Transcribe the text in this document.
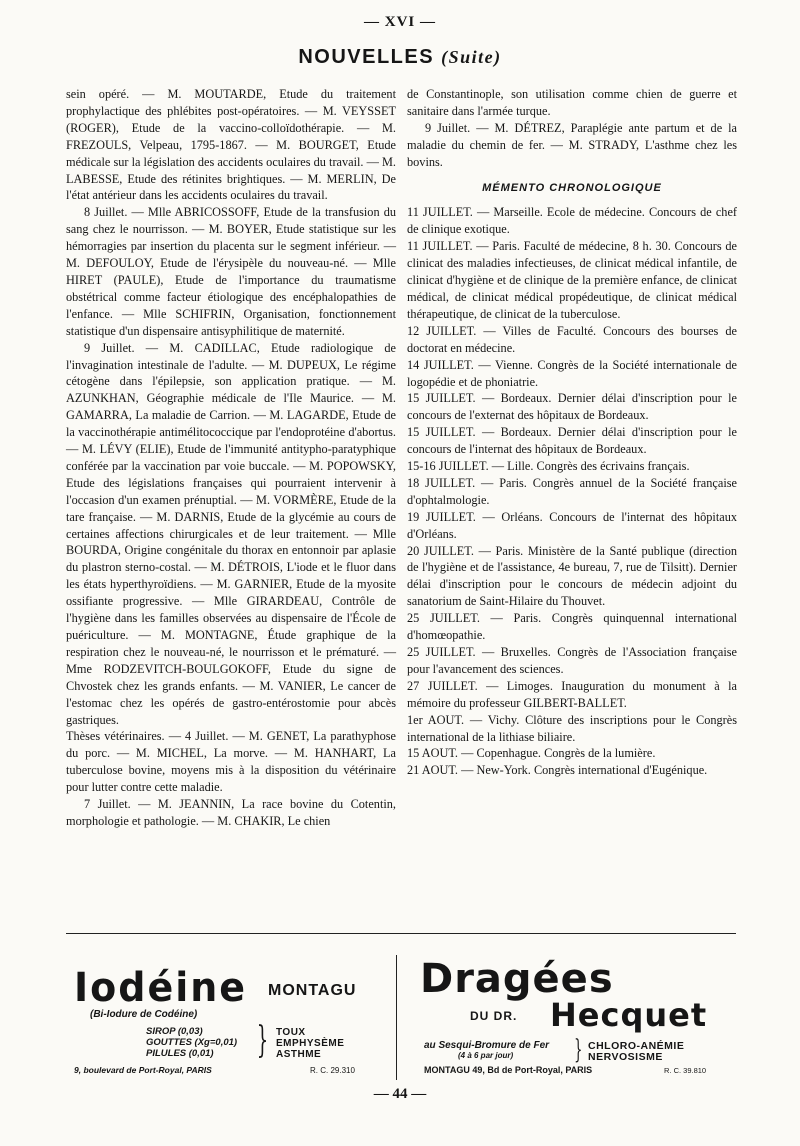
— XVI —
NOUVELLES (Suite)

sein opéré. — M. MOUTARDE, Etude du traitement prophylactique des phlébites post-opératoires. — M. VEYSSET (ROGER), Etude de la vaccino-colloïdothérapie. — M. FREZOULS, Velpeau, 1795-1867. — M. BOURGET, Etude médicale sur la législation des accidents oculaires du travail. — M. LABESSE, Etude des rétinites brightiques. — M. MERLIN, De l'état antérieur dans les accidents oculaires du travail.

8 Juillet. — Mlle ABRICOSSOFF, Etude de la transfusion du sang chez le nourrisson. — M. BOYER, Etude statistique sur les hémorragies par insertion du placenta sur le segment inférieur. — M. DEFOULOY, Etude de l'érysipèle du nouveau-né. — Mlle HIRET (PAULE), Etude de l'importance du traumatisme obstétrical comme facteur étiologique des encéphalopathies de l'enfance. — Mlle SCHIFRIN, Organisation, fonctionnement statistique d'un dispensaire antisyphilitique de maternité.

9 Juillet. — M. CADILLAC, Etude radiologique de l'invagination intestinale de l'adulte. — M. DUPEUX, Le régime cétogène dans l'épilepsie, son application pratique. — M. AZUNKHAN, Géographie médicale de l'Ile Maurice. — M. GAMARRA, La maladie de Carrion. — M. LAGARDE, Etude de la vaccinothérapie antimélitococcique par l'endoprotéine d'abortus. — M. LÉVY (ELIE), Etude de l'immunité antitypho-paratyphique conférée par la vaccination par voie buccale. — M. POPOWSKY, Etude des législations françaises qui pourraient intervenir à l'occasion d'un examen prénuptial. — M. VORMÈRE, Etude de la tare française. — M. DARNIS, Etude de la glycémie au cours de certaines affections chirurgicales et de leur traitement. — Mlle BOURDA, Origine congénitale du thorax en entonnoir par aplasie du plastron sterno-costal. — M. DÉTROIS, L'iode et le fluor dans les états hyperthyroïdiens. — M. GARNIER, Etude de la myosite ossifiante progressive. — Mlle GIRARDEAU, Contrôle de l'hygiène dans les familles observées au dispensaire de l'École de puériculture. — M. MONTAGNE, Étude graphique de la respiration chez le nouveau-né, le nourrisson et le prématuré. — Mme RODZEVITCH-BOULGOKOFF, Etude du signe de Chvostek chez les grands enfants. — M. VANIER, Le cancer de l'estomac chez les opérés de gastro-entérostomie pour abcès gastriques.

Thèses vétérinaires. — 4 Juillet. — M. GENET, La parathyphose du porc. — M. MICHEL, La morve. — M. HANHART, La tuberculose bovine, moyens mis à la disposition du vétérinaire pour lutter contre cette maladie.

7 Juillet. — M. JEANNIN, La race bovine du Cotentin, morphologie et pathologie. — M. CHAKIR, Le chien

de Constantinople, son utilisation comme chien de guerre et sanitaire dans l'armée turque.

9 Juillet. — M. DÉTREZ, Paraplégie ante partum et de la maladie du chemin de fer. — M. STRADY, L'asthme chez les bovins.

MÉMENTO CHRONOLOGIQUE

11 JUILLET. — Marseille. Ecole de médecine. Concours de chef de clinique exotique.

11 JUILLET. — Paris. Faculté de médecine, 8 h. 30. Concours de clinicat des maladies infectieuses, de clinicat médical infantile, de clinicat d'hygiène et de clinique de la première enfance, de clinicat médical, de clinicat médical propédeutique, de clinicat médical thérapeutique, de clinicat de la tuberculose.

12 JUILLET. — Villes de Faculté. Concours des bourses de doctorat en médecine.

14 JUILLET. — Vienne. Congrès de la Société internationale de logopédie et de phoniatrie.

15 JUILLET. — Bordeaux. Dernier délai d'inscription pour le concours de l'externat des hôpitaux de Bordeaux.

15 JUILLET. — Bordeaux. Dernier délai d'inscription pour le concours de l'internat des hôpitaux de Bordeaux.

15-16 JUILLET. — Lille. Congrès des écrivains français.

18 JUILLET. — Paris. Congrès annuel de la Société française d'ophtalmologie.

19 JUILLET. — Orléans. Concours de l'internat des hôpitaux d'Orléans.

20 JUILLET. — Paris. Ministère de la Santé publique (direction de l'hygiène et de l'assistance, 4e bureau, 7, rue de Tilsitt). Dernier délai d'inscription pour le concours de médecin adjoint du sanatorium de Saint-Hilaire du Thouvet.

25 JUILLET. — Paris. Congrès quinquennal international d'homœopathie.

25 JUILLET. — Bruxelles. Congrès de l'Association française pour l'avancement des sciences.

27 JUILLET. — Limoges. Inauguration du monument à la mémoire du professeur GILBERT-BALLET.

1er AOUT. — Vichy. Clôture des inscriptions pour le Congrès international de la lithiase biliaire.

15 AOUT. — Copenhague. Congrès de la lumière.

21 AOUT. — New-York. Congrès international d'Eugénique.

Iodéine MONTAGU
(Bi-Iodure de Codéine)
SIROP (0,03)
GOUTTES (Xg=0,01)
PILULES (0,01)	} TOUX
EMPHYSÈME
ASTHME
9, boulevard de Port-Royal, PARIS	R. C. 29.310
Dragées
DU DR. Hecquet
au Sesqui-Bromure de Fer
(4 à 6 par jour) } CHLORO-ANÉMIE
NERVOSISME
MONTAGU 49, Bd de Port-Royal, PARIS	R. C. 39.810
— 44 —
